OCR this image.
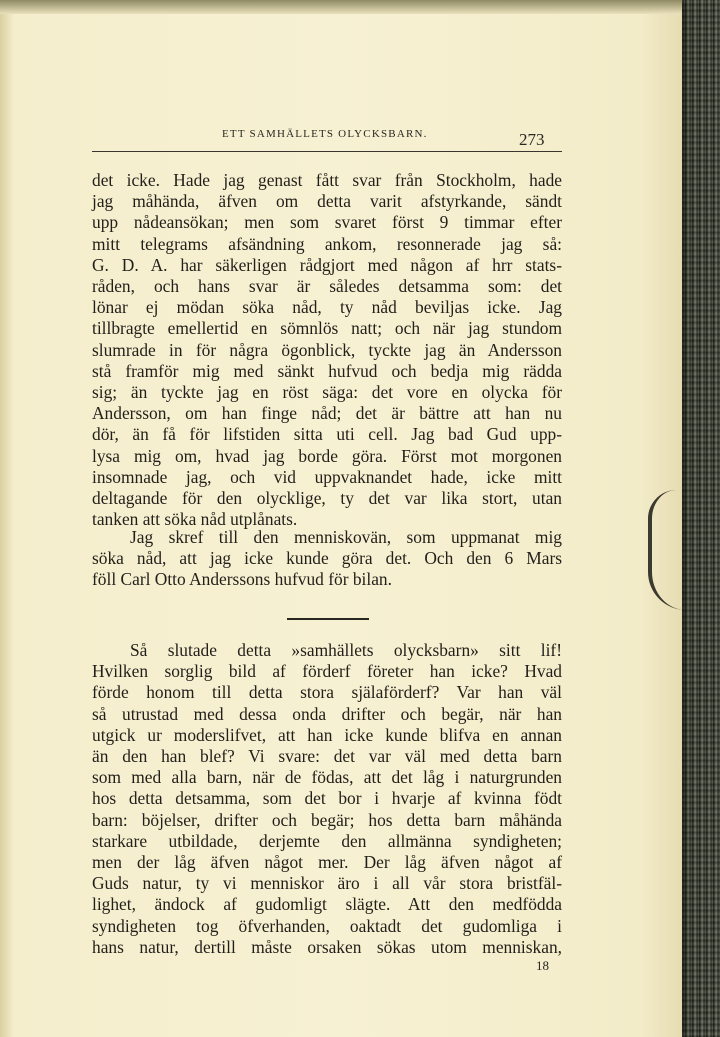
ETT SAMHÄLLETS OLYCKSBARN.	273
det icke. Hade jag genast fått svar från Stockholm, hade
jag måhända, äfven om detta varit afstyrkande, sändt
upp nådeansökan; men som svaret först 9 timmar efter
mitt telegrams afsändning ankom, resonnerade jag så:
G. D. A. har säkerligen rådgjort med någon af hrr stats-
råden, och hans svar är således detsamma som: det
lönar ej mödan söka nåd, ty nåd beviljas icke. Jag
tillbragte emellertid en sömnlös natt; och när jag stundom
slumrade in för några ögonblick, tyckte jag än Andersson
stå framför mig med sänkt hufvud och bedja mig rädda
sig; än tyckte jag en röst säga: det vore en olycka för
Andersson, om han finge nåd; det är bättre att han nu
dör, än få för lifstiden sitta uti cell. Jag bad Gud upp-
lysa mig om, hvad jag borde göra. Först mot morgonen
insomnade jag, och vid uppvaknandet hade, icke mitt
deltagande för den olycklige, ty det var lika stort, utan
tanken att söka nåd utplånats.
Jag skref till den menniskovän, som uppmanat mig
söka nåd, att jag icke kunde göra det. Och den 6 Mars
föll Carl Otto Anderssons hufvud för bilan.
Så slutade detta »samhällets olycksbarn» sitt lif!
Hvilken sorglig bild af förderf företer han icke? Hvad
förde honom till detta stora själaförderf? Var han väl
så utrustad med dessa onda drifter och begär, när han
utgick ur moderslifvet, att han icke kunde blifva en annan
än den han blef? Vi svare: det var väl med detta barn
som med alla barn, när de födas, att det låg i naturgrunden
hos detta detsamma, som det bor i hvarje af kvinna födt
barn: böjelser, drifter och begär; hos detta barn måhända
starkare utbildade, derjemte den allmänna syndigheten;
men der låg äfven något mer. Der låg äfven något af
Guds natur, ty vi menniskor äro i all vår stora bristfäl-
lighet, ändock af gudomligt slägte. Att den medfödda
syndigheten tog öfverhanden, oaktadt det gudomliga i
hans natur, dertill måste orsaken sökas utom menniskan,
18
